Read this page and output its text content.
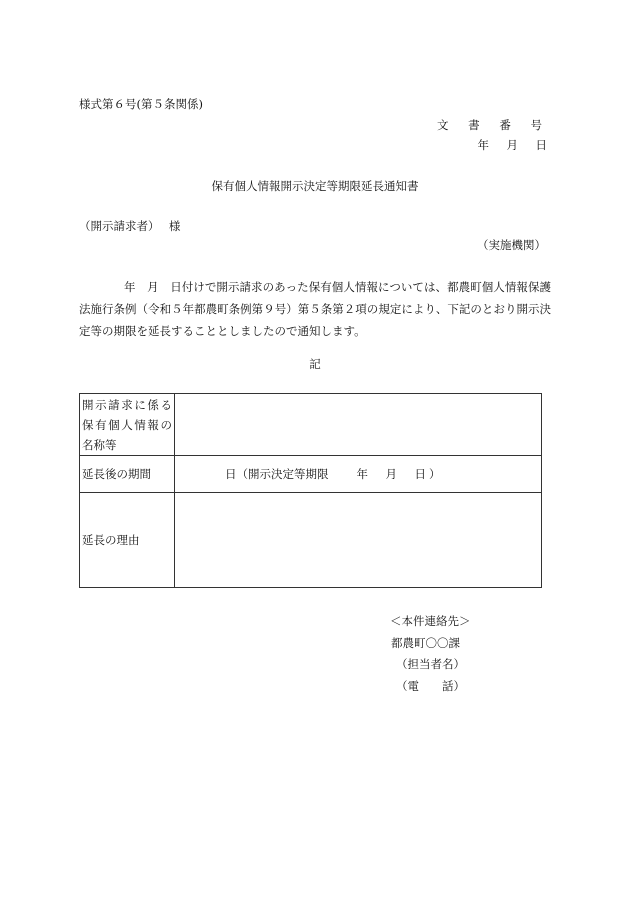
様式第６号(第５条関係)
文 書 番 号
年　月　日
保有個人情報開示決定等期限延長通知書
（開示請求者）　 様
（実施機関）
年　月　日付けで開示請求のあった保有個人情報については、都農町個人情報保護法施行条例（令和５年都農町条例第９号）第５条第２項の規定により、下記のとおり開示決定等の期限を延長することとしましたので通知します。
記
開示請求に係る
保有個人情報の
名称等	

延長後の期間	日（開示決定等期限 年　月　日）
延長の理由	
＜本件連絡先＞
都農町〇〇課
（担当者名）
（電　　話）
